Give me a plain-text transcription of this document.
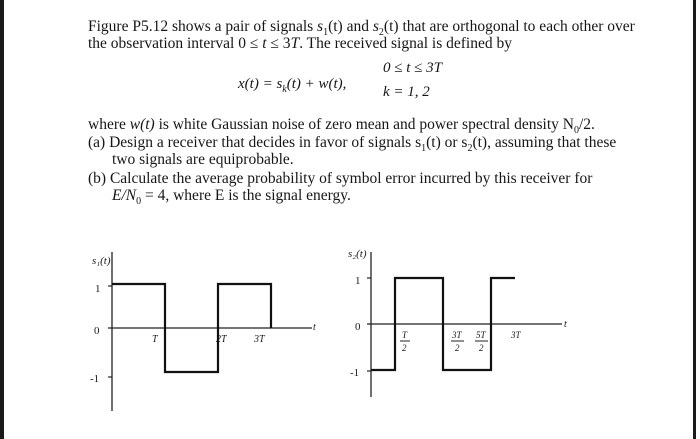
Figure P5.12 shows a pair of signals $s_1(t)$ and $s_2(t)$ that are orthogonal to each other over
the observation interval 0 ≤ t ≤ 3T. The received signal is defined by
$x(t) = s_k(t) + w(t)$,
0 ≤ t ≤ 3T
k = 1, 2
where w(t) is white Gaussian noise of zero mean and power spectral density $N_0/2$.
(a) Design a receiver that decides in favor of signals $s_1(t)$ or $s_2(t)$, assuming that these
two signals are equiprobable.
(b) Calculate the average probability of symbol error incurred by this receiver for
$E/N_0 = 4$, where E is the signal energy.
s₁(t)
1
0
-1
T	2T	3T
t
s₂(t)
1
0
-1
T
2
3T
2
5T
2
3T
t
